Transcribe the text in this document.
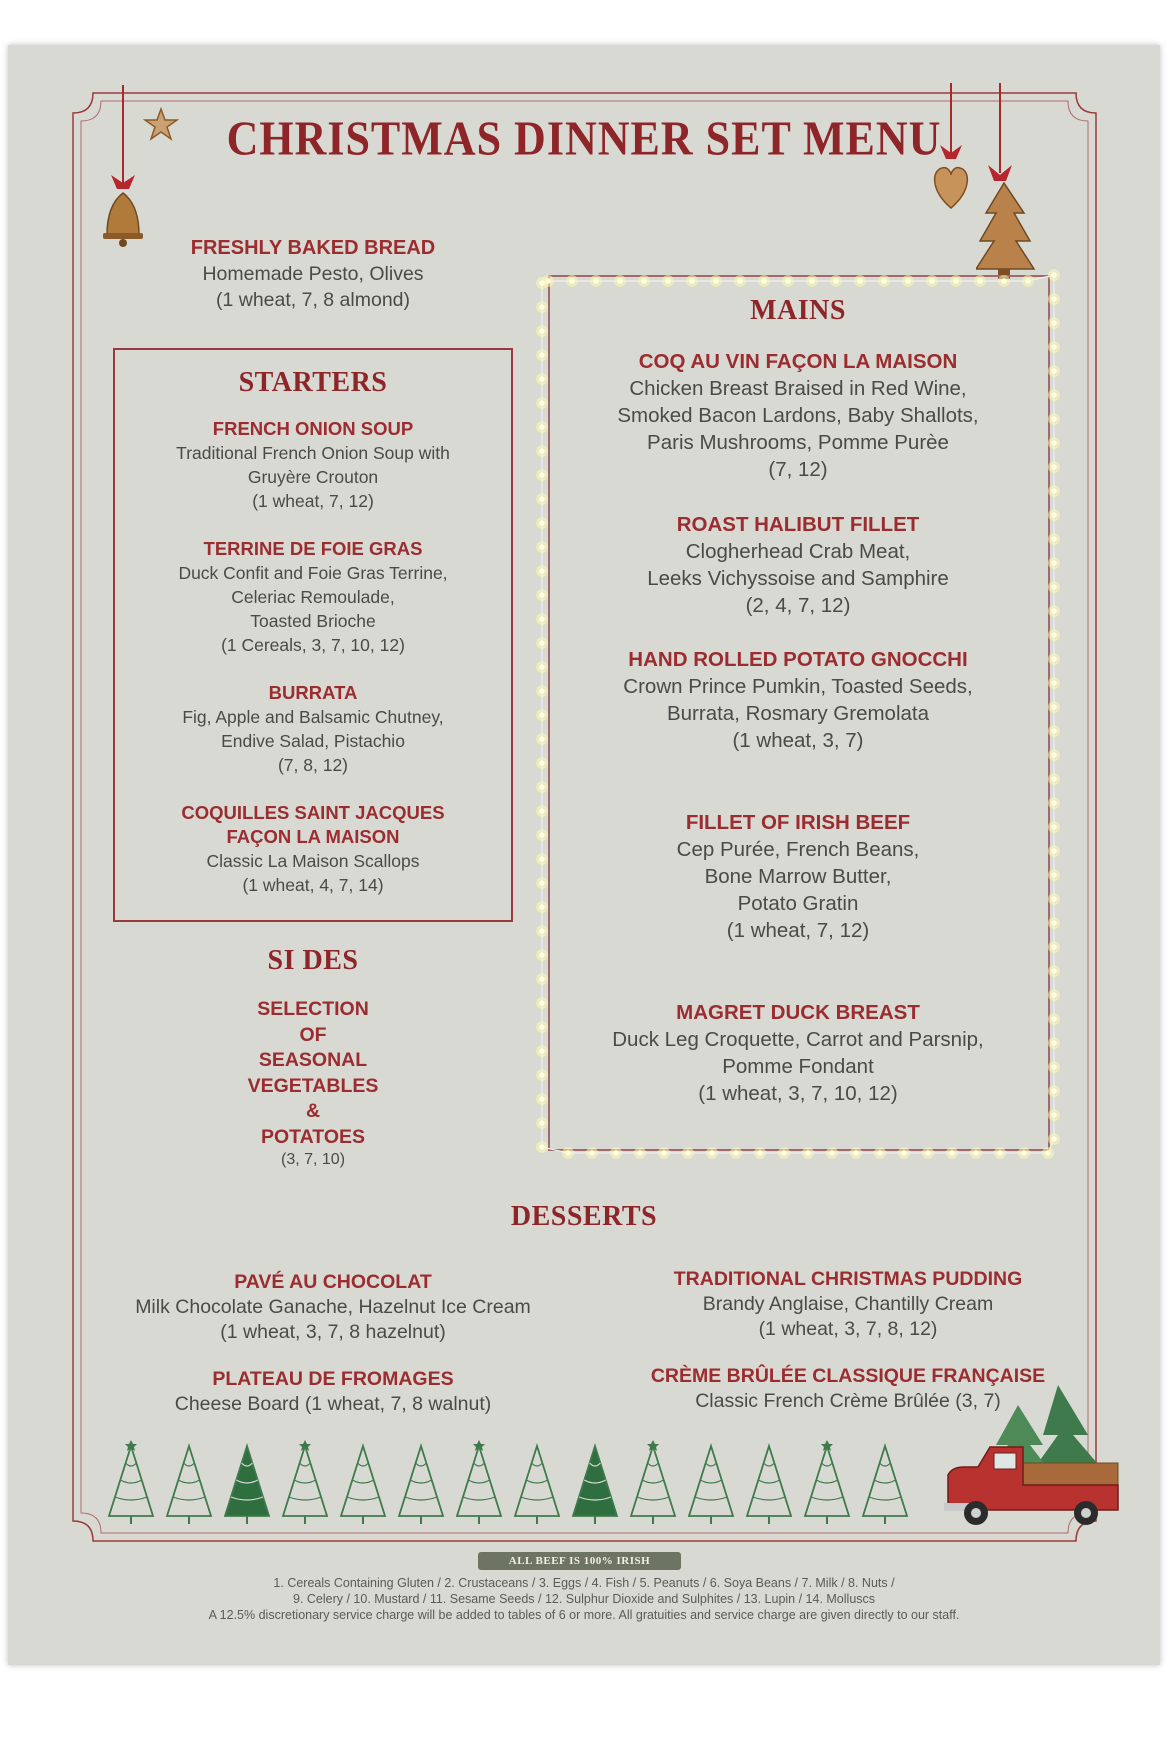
CHRISTMAS DINNER SET MENU
FRESHLY BAKED BREAD
Homemade Pesto, Olives
(1 wheat, 7, 8 almond)
STARTERS
FRENCH ONION SOUP
Traditional French Onion Soup with
Gruyère Crouton
(1 wheat, 7, 12)
TERRINE DE FOIE GRAS
Duck Confit and Foie Gras Terrine,
Celeriac Remoulade,
Toasted Brioche
(1 Cereals, 3, 7, 10, 12)
BURRATA
Fig, Apple and Balsamic Chutney,
Endive Salad, Pistachio
(7, 8, 12)
COQUILLES SAINT JACQUES
FAÇON LA MAISON
Classic La Maison Scallops
(1 wheat, 4, 7, 14)
SI DES
SELECTION
OF
SEASONAL
VEGETABLES
&
POTATOES
(3, 7, 10)
MAINS
COQ AU VIN FAÇON LA MAISON
Chicken Breast Braised in Red Wine,
Smoked Bacon Lardons, Baby Shallots,
Paris Mushrooms, Pomme Purèe
(7, 12)
ROAST HALIBUT FILLET
Clogherhead Crab Meat,
Leeks Vichyssoise and Samphire
(2, 4, 7, 12)
HAND ROLLED POTATO GNOCCHI
Crown Prince Pumkin, Toasted Seeds,
Burrata, Rosmary Gremolata
(1 wheat, 3, 7)
FILLET OF IRISH BEEF
Cep Purée, French Beans,
Bone Marrow Butter,
Potato Gratin
(1 wheat, 7, 12)
MAGRET DUCK BREAST
Duck Leg Croquette, Carrot and Parsnip,
Pomme Fondant
(1 wheat, 3, 7, 10, 12)
DESSERTS
PAVÉ AU CHOCOLAT
Milk Chocolate Ganache, Hazelnut Ice Cream
(1 wheat, 3, 7, 8 hazelnut)
TRADITIONAL CHRISTMAS PUDDING
Brandy Anglaise, Chantilly Cream
(1 wheat, 3, 7, 8, 12)
PLATEAU DE FROMAGES
Cheese Board (1 wheat, 7, 8 walnut)
CRÈME BRÛLÉE CLASSIQUE FRANÇAISE
Classic French Crème Brûlée (3, 7)
ALL BEEF IS 100% IRISH
1. Cereals Containing Gluten / 2. Crustaceans / 3. Eggs / 4. Fish / 5. Peanuts / 6. Soya Beans / 7. Milk / 8. Nuts /
9. Celery / 10. Mustard / 11. Sesame Seeds / 12. Sulphur Dioxide and Sulphites / 13. Lupin / 14. Molluscs
A 12.5% discretionary service charge will be added to tables of 6 or more. All gratuities and service charge are given directly to our staff.
